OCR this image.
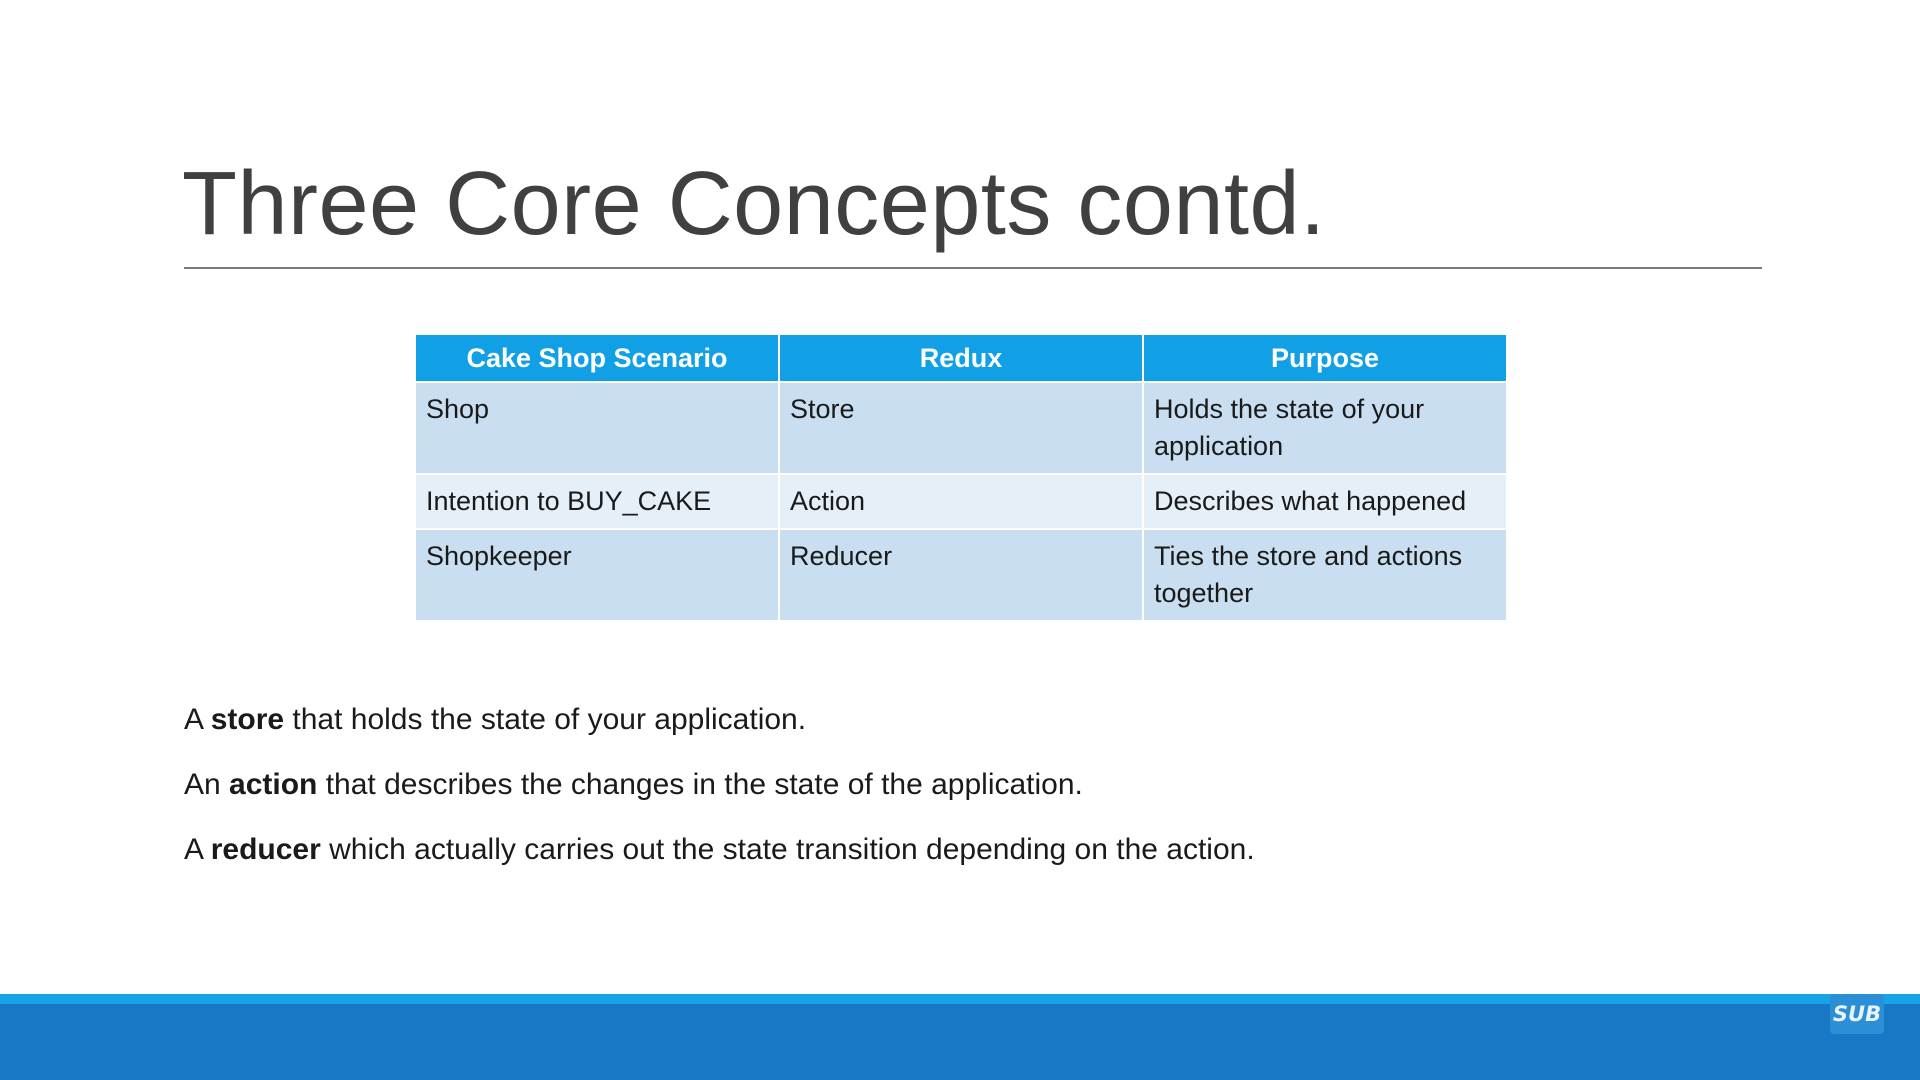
Three Core Concepts contd.
Cake Shop Scenario	Redux	Purpose
Shop	Store	Holds the state of your application
Intention to BUY_CAKE	Action	Describes what happened
Shopkeeper	Reducer	Ties the store and actions together
A store that holds the state of your application.
An action that describes the changes in the state of the application.
A reducer which actually carries out the state transition depending on the action.
SUB
